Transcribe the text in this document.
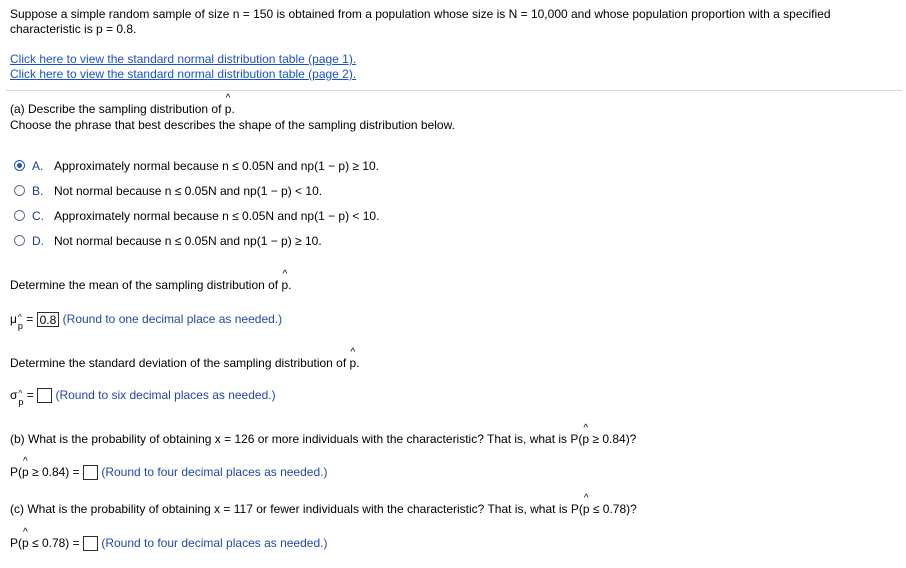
Suppose a simple random sample of size n = 150 is obtained from a population whose size is N = 10,000 and whose population proportion with a specified
characteristic is p = 0.8.
Click here to view the standard normal distribution table (page 1).
Click here to view the standard normal distribution table (page 2).
(a) Describe the sampling distribution of ^ p.
Choose the phrase that best describes the shape of the sampling distribution below.
A. Approximately normal because n ≤ 0.05N and np(1 − p) ≥ 10.
B. Not normal because n ≤ 0.05N and np(1 − p) < 10.
C. Approximately normal because n ≤ 0.05N and np(1 − p) < 10.
D. Not normal because n ≤ 0.05N and np(1 − p) ≥ 10.
Determine the mean of the sampling distribution of ^ p.
μ^ p = 0.8 (Round to one decimal place as needed.)
Determine the standard deviation of the sampling distribution of ^ p.
σ^ p = (Round to six decimal places as needed.)
(b) What is the probability of obtaining x = 126 or more individuals with the characteristic? That is, what is P(^ p ≥ 0.84)?
P(^ p ≥ 0.84) = (Round to four decimal places as needed.)
(c) What is the probability of obtaining x = 117 or fewer individuals with the characteristic? That is, what is P(^ p ≤ 0.78)?
P(^ p ≤ 0.78) = (Round to four decimal places as needed.)
